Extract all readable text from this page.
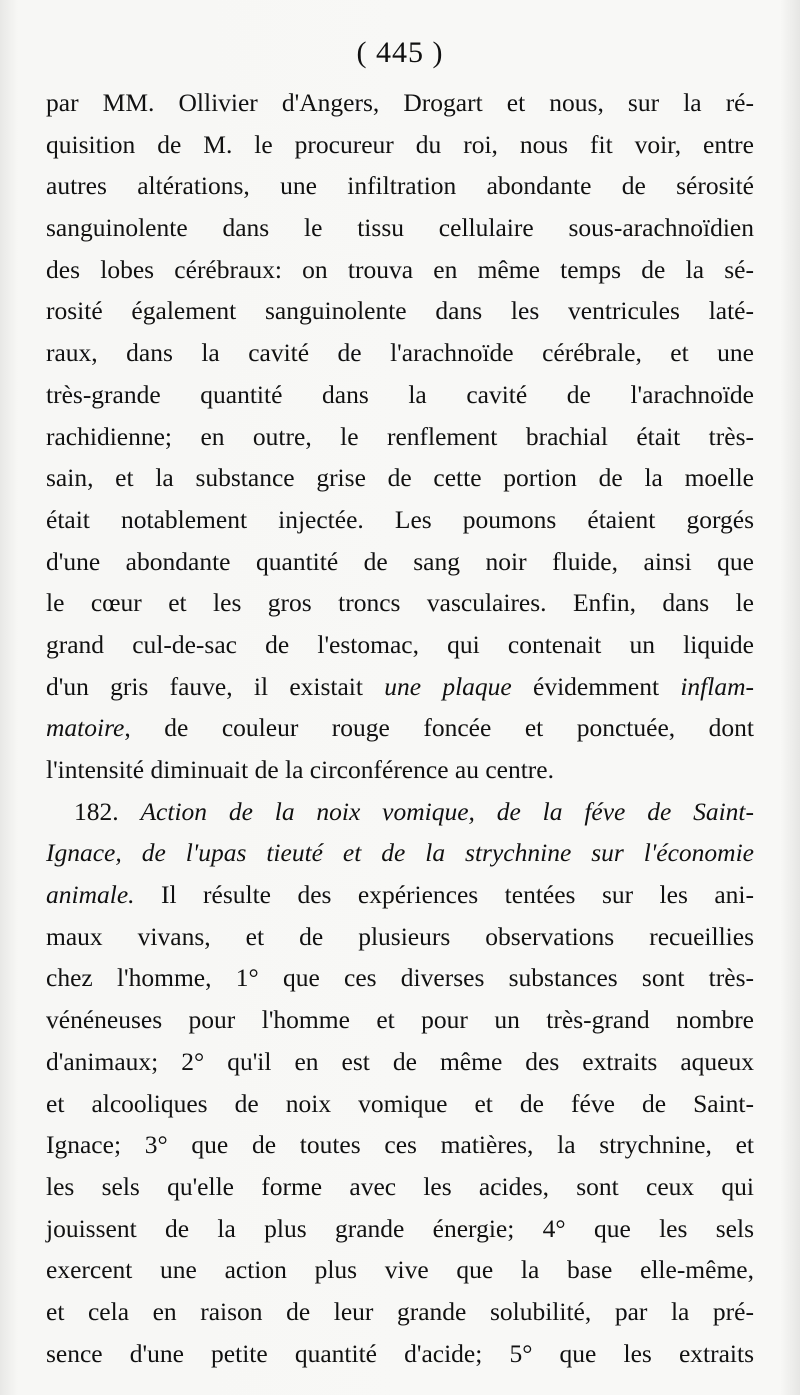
( 445 )
par MM. Ollivier d'Angers, Drogart et nous, sur la ré-
quisition de M. le procureur du roi, nous fit voir, entre
autres altérations, une infiltration abondante de sérosité
sanguinolente dans le tissu cellulaire sous-arachnoïdien
des lobes cérébraux: on trouva en même temps de la sé-
rosité également sanguinolente dans les ventricules laté-
raux, dans la cavité de l'arachnoïde cérébrale, et une
très-grande quantité dans la cavité de l'arachnoïde
rachidienne; en outre, le renflement brachial était très-
sain, et la substance grise de cette portion de la moelle
était notablement injectée. Les poumons étaient gorgés
d'une abondante quantité de sang noir fluide, ainsi que
le cœur et les gros troncs vasculaires. Enfin, dans le
grand cul-de-sac de l'estomac, qui contenait un liquide
d'un gris fauve, il existait une plaque évidemment inflam-
matoire, de couleur rouge foncée et ponctuée, dont
l'intensité diminuait de la circonférence au centre.
182. Action de la noix vomique, de la féve de Saint-
Ignace, de l'upas tieuté et de la strychnine sur l'économie
animale. Il résulte des expériences tentées sur les ani-
maux vivans, et de plusieurs observations recueillies
chez l'homme, 1° que ces diverses substances sont très-
vénéneuses pour l'homme et pour un très-grand nombre
d'animaux; 2° qu'il en est de même des extraits aqueux
et alcooliques de noix vomique et de féve de Saint-
Ignace; 3° que de toutes ces matières, la strychnine, et
les sels qu'elle forme avec les acides, sont ceux qui
jouissent de la plus grande énergie; 4° que les sels
exercent une action plus vive que la base elle-même,
et cela en raison de leur grande solubilité, par la pré-
sence d'une petite quantité d'acide; 5° que les extraits
